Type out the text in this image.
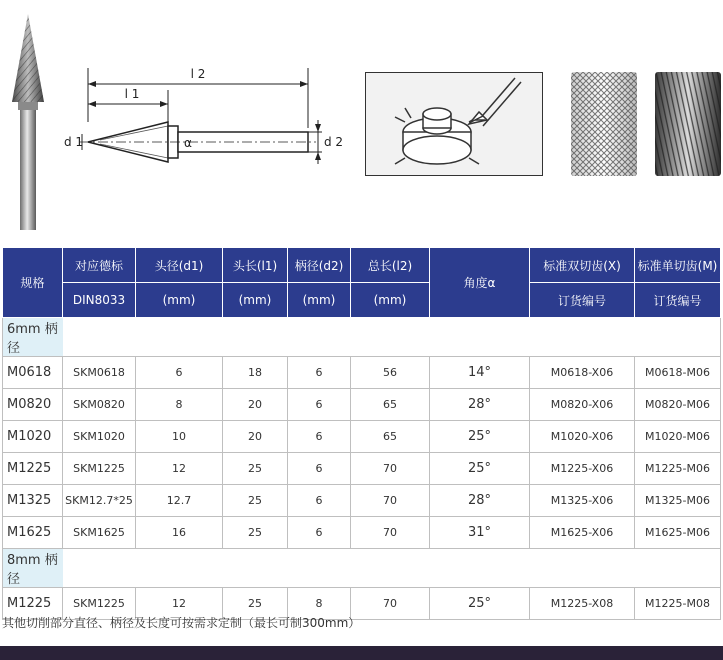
l 2
l 1
α
d 1	d 2
规格	对应德标	头径(d1)	头长(l1)	柄径(d2)	总长(l2)	角度α	标准双切齿(X)	标准单切齿(M)
	DIN8033	(mm)	(mm)	(mm)	(mm)		订货编号	订货编号
6mm 柄径								
M0618	SKM0618	6	18	6	56	14°	M0618-X06	M0618-M06
M0820	SKM0820	8	20	6	65	28°	M0820-X06	M0820-M06
M1020	SKM1020	10	20	6	65	25°	M1020-X06	M1020-M06
M1225	SKM1225	12	25	6	70	25°	M1225-X06	M1225-M06
M1325	SKM12.7*25	12.7	25	6	70	28°	M1325-X06	M1325-M06
M1625	SKM1625	16	25	6	70	31°	M1625-X06	M1625-M06
8mm 柄径								
M1225	SKM1225	12	25	8	70	25°	M1225-X08	M1225-M08
其他切削部分直径、柄径及长度可按需求定制（最长可制300mm）
